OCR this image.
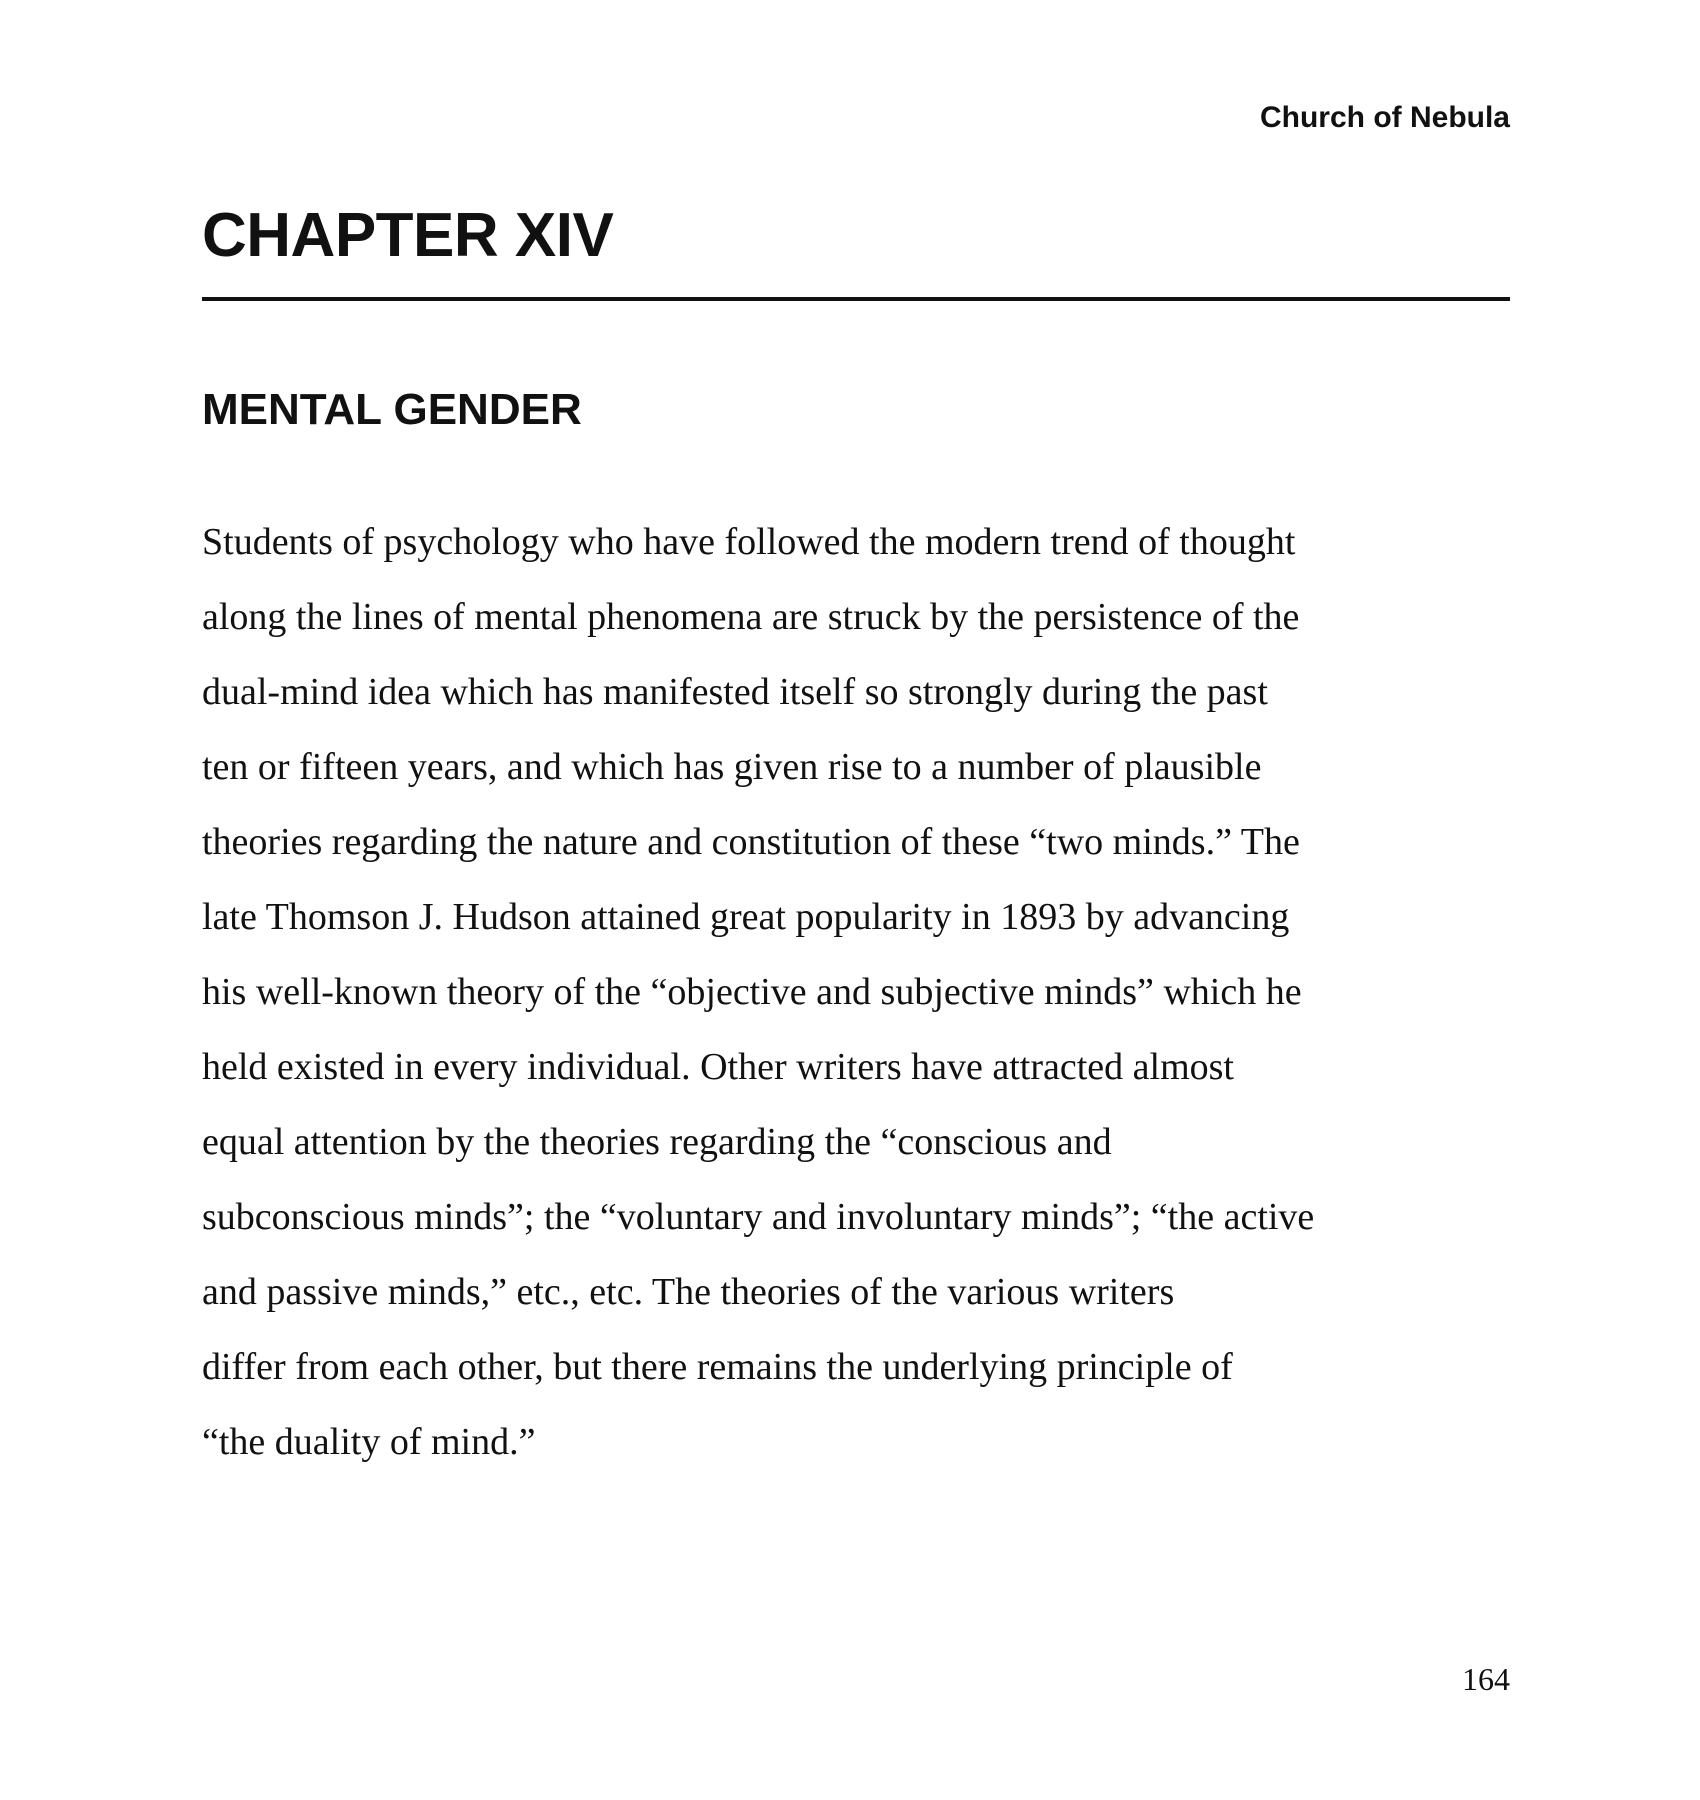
Church of Nebula
CHAPTER XIV
MENTAL GENDER

Students of psychology who have followed the modern trend of thought
along the lines of mental phenomena are struck by the persistence of the
dual-mind idea which has manifested itself so strongly during the past
ten or fifteen years, and which has given rise to a number of plausible
theories regarding the nature and constitution of these “two minds.” The
late Thomson J. Hudson attained great popularity in 1893 by advancing
his well-known theory of the “objective and subjective minds” which he
held existed in every individual. Other writers have attracted almost
equal attention by the theories regarding the “conscious and
subconscious minds”; the “voluntary and involuntary minds”; “the active
and passive minds,” etc., etc. The theories of the various writers
differ from each other, but there remains the underlying principle of
“the duality of mind.”

164
